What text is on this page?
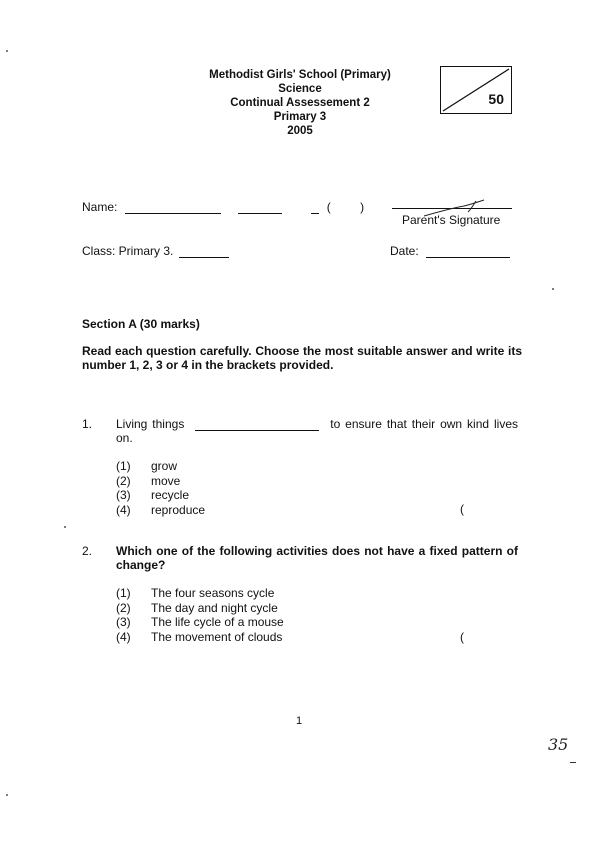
Methodist Girls' School (Primary)
Science
Continual Assessement 2
Primary 3
2005
50
Name:	( )
Parent's Signature
Class: Primary 3.	Date:
Section A (30 marks)
Read each question carefully. Choose the most suitable answer and write its number 1, 2, 3 or 4 in the brackets provided.
1. Living things	to ensure that their own kind lives on.
(1) grow
(2) move
(3) recycle
(4) reproduce	(
2. Which one of the following activities does not have a fixed pattern of change?
(1) The four seasons cycle
(2) The day and night cycle
(3) The life cycle of a mouse
(4) The movement of clouds	(
1
35
